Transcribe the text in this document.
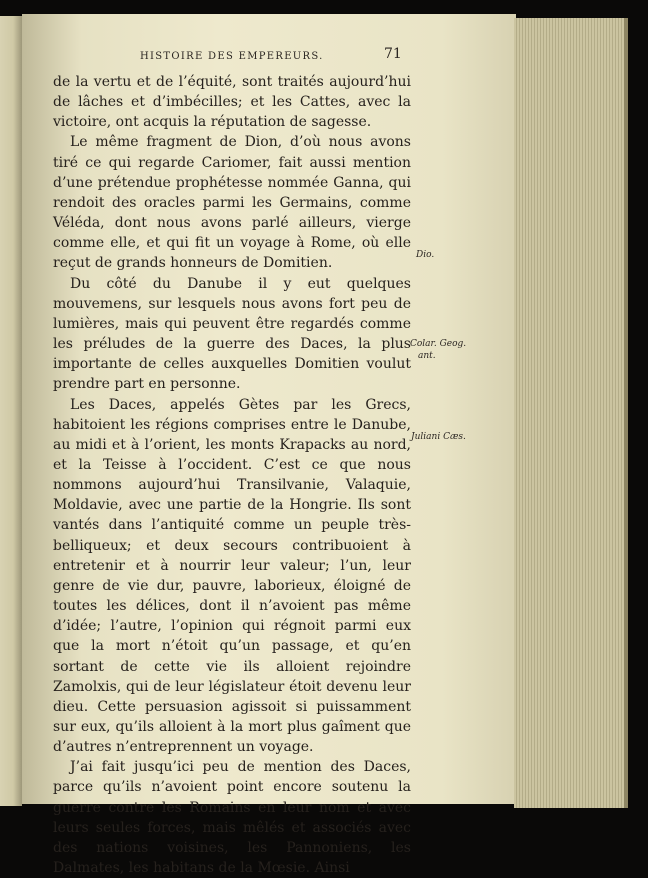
HISTOIRE DES EMPEREURS.	71

de la vertu et de l’équité, sont traités aujourd’hui de lâches et d’imbécilles; et les Cattes, avec la victoire, ont acquis la réputation de sagesse.

Le même fragment de Dion, d’où nous avons tiré ce qui regarde Cariomer, fait aussi mention d’une prétendue prophétesse nommée Ganna, qui rendoit des oracles parmi les Germains, comme Véléda, dont nous avons parlé ailleurs, vierge comme elle, et qui fit un voyage à Rome, où elle reçut de grands honneurs de Domitien.

Du côté du Danube il y eut quelques mouvemens, sur lesquels nous avons fort peu de lumières, mais qui peuvent être regardés comme les préludes de la guerre des Daces, la plus importante de celles auxquelles Domitien voulut prendre part en personne.

Les Daces, appelés Gètes par les Grecs, habitoient les régions comprises entre le Danube, au midi et à l’orient, les monts Krapacks au nord, et la Teisse à l’occident. C’est ce que nous nommons aujourd’hui Transilvanie, Valaquie, Moldavie, avec une partie de la Hongrie. Ils sont vantés dans l’antiquité comme un peuple très-belliqueux; et deux secours contribuoient à entretenir et à nourrir leur valeur; l’un, leur genre de vie dur, pauvre, laborieux, éloigné de toutes les délices, dont il n’avoient pas même d’idée; l’autre, l’opinion qui régnoit parmi eux que la mort n’étoit qu’un passage, et qu’en sortant de cette vie ils alloient rejoindre Zamolxis, qui de leur législateur étoit devenu leur dieu. Cette persuasion agissoit si puissamment sur eux, qu’ils alloient à la mort plus gaîment que d’autres n’entreprennent un voyage.

J’ai fait jusqu’ici peu de mention des Daces, parce qu’ils n’avoient point encore soutenu la guerre contre les Romains en leur nom et avec leurs seules forces, mais mêlés et associés avec des nations voisines, les Pannoniens, les Dalmates, les habitans de la Mœsie. Ainsi

Dio.
Colar. Geog.
ant.
Juliani Cæs.
